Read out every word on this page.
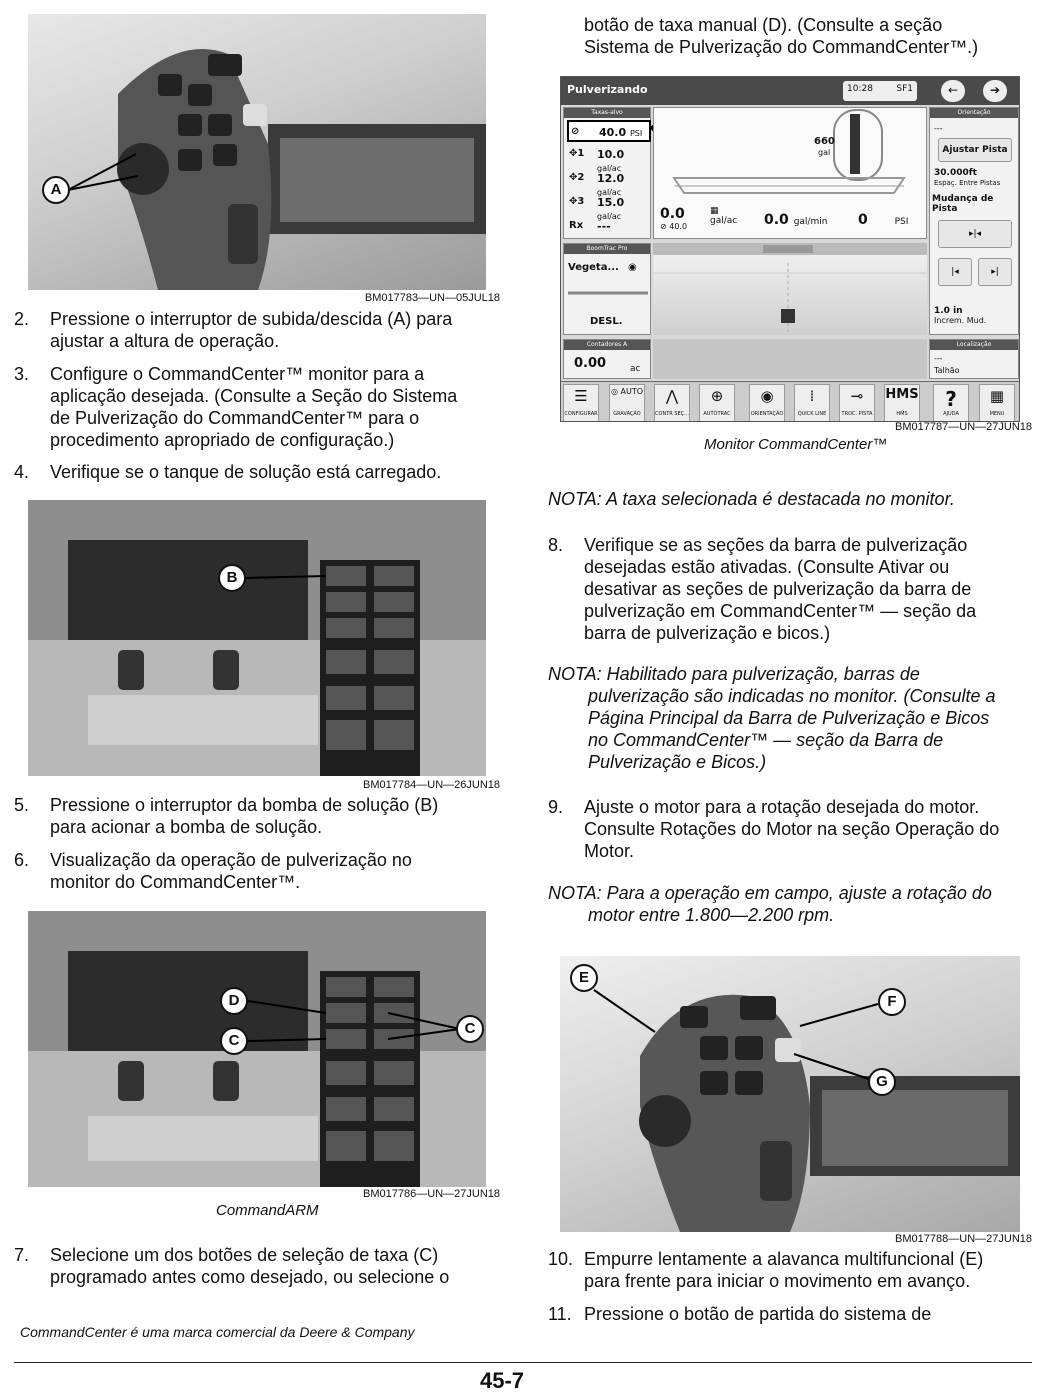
A
BM017783—UN—05JUL18
2. Pressione o interruptor de subida/descida (A) para
ajustar a altura de operação.
3. Configure o CommandCenter™ monitor para a
aplicação desejada. (Consulte a Seção do Sistema
de Pulverização do CommandCenter™ para o
procedimento apropriado de configuração.)
4. Verifique se o tanque de solução está carregado.
B
BM017784—UN—26JUN18
5. Pressione o interruptor da bomba de solução (B)
para acionar a bomba de solução.
6. Visualização da operação de pulverização no
monitor do CommandCenter™.
D
C
C
BM017786—UN—27JUN18
CommandARM
7. Selecione um dos botões de seleção de taxa (C)
programado antes como desejado, ou selecione o
CommandCenter é uma marca comercial da Deere & Company
botão de taxa manual (D). (Consulte a seção
Sistema de Pulverização do CommandCenter™.)
Pulverizando	10:28	SF1	←	➔
Taxas-alvo
⊘ 40.0 PSI
✥1 10.0 gal/ac
✥2 12.0 gal/ac
✥3 15.0 gal/ac
Rx ---
660
gal
0.0
⊘ 40.0
▦
gal/ac 0.0 gal/min 0	PSI
Orientação
---
Ajustar Pista
30.000ft
Espaç. Entre Pistas
Mudança de Pista
▸|◂
|◂	▸|
1.0 in
Increm. Mud.
BoomTrac Pro
Vegeta... ◉
DESL.
Contadores A
0.00	ac
Localização
---
Talhão
☰
CONFIGURAR
◎ AUTO
GRAVAÇÃO
⋀
CONTR SEÇ...
⊕
AUTOTRAC
◉
ORIENTAÇÃO
⁞
QUICK LINE
⊸
TROC. PISTA
HMS
HMS
?
AJUDA
▦
MENU
BM017787—UN—27JUN18
Monitor CommandCenter™
NOTA: A taxa selecionada é destacada no monitor.
8. Verifique se as seções da barra de pulverização
desejadas estão ativadas. (Consulte Ativar ou
desativar as seções de pulverização da barra de
pulverização em CommandCenter™ — seção da
barra de pulverização e bicos.)
NOTA: Habilitado para pulverização, barras de
pulverização são indicadas no monitor. (Consulte a
Página Principal da Barra de Pulverização e Bicos
no CommandCenter™ — seção da Barra de
Pulverização e Bicos.)
9. Ajuste o motor para a rotação desejada do motor.
Consulte Rotações do Motor na seção Operação do
Motor.
NOTA: Para a operação em campo, ajuste a rotação do
motor entre 1.800—2.200 rpm.
E
F
G
BM017788—UN—27JUN18
10. Empurre lentamente a alavanca multifuncional (E)
para frente para iniciar o movimento em avanço.
11. Pressione o botão de partida do sistema de
45-7
